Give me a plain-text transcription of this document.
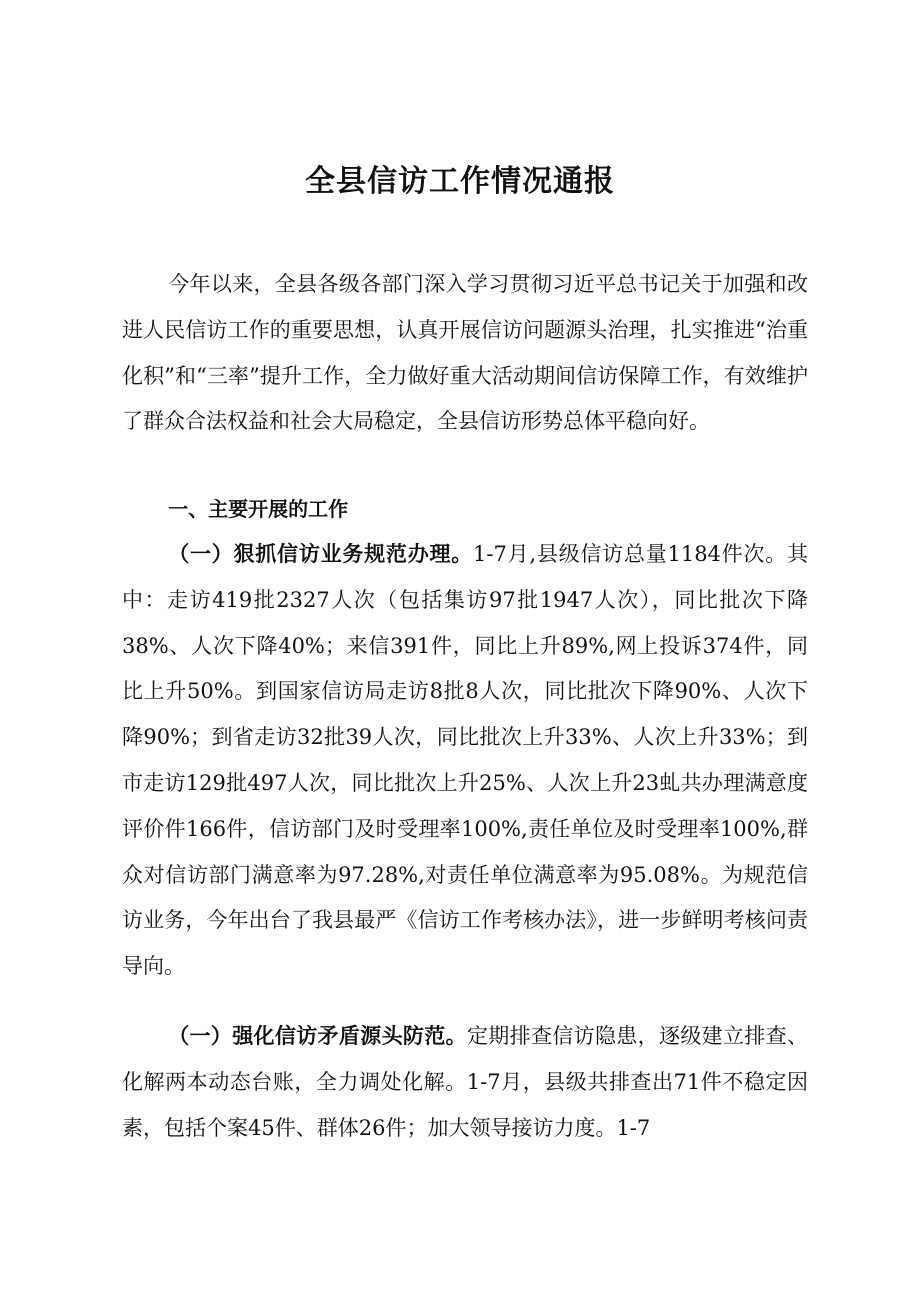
全县信访工作情况通报

今年以来，全县各级各部门深入学习贯彻习近平总书记关于加强和改进人民信访工作的重要思想，认真开展信访问题源头治理，扎实推进“治重化积”和“三率”提升工作，全力做好重大活动期间信访保障工作，有效维护了群众合法权益和社会大局稳定，全县信访形势总体平稳向好。

一、主要开展的工作

（一）狠抓信访业务规范办理。1-7月,县级信访总量1184件次。其中：走访419批2327人次（包括集访97批1947人次），同比批次下降38%、人次下降40%；来信391件，同比上升89%,网上投诉374件，同比上升50%。到国家信访局走访8批8人次，同比批次下降90%、人次下降90%；到省走访32批39人次，同比批次上升33%、人次上升33%；到市走访129批497人次，同比批次上升25%、人次上升23虬共办理满意度评价件166件，信访部门及时受理率100%,责任单位及时受理率100%,群众对信访部门满意率为97.28%,对责任单位满意率为95.08%。为规范信访业务，今年出台了我县最严《信访工作考核办法》，进一步鲜明考核问责导向。

（一）强化信访矛盾源头防范。定期排查信访隐患，逐级建立排查、化解两本动态台账，全力调处化解。1-7月，县级共排查出71件不稳定因素，包括个案45件、群体26件；加大领导接访力度。1-7
